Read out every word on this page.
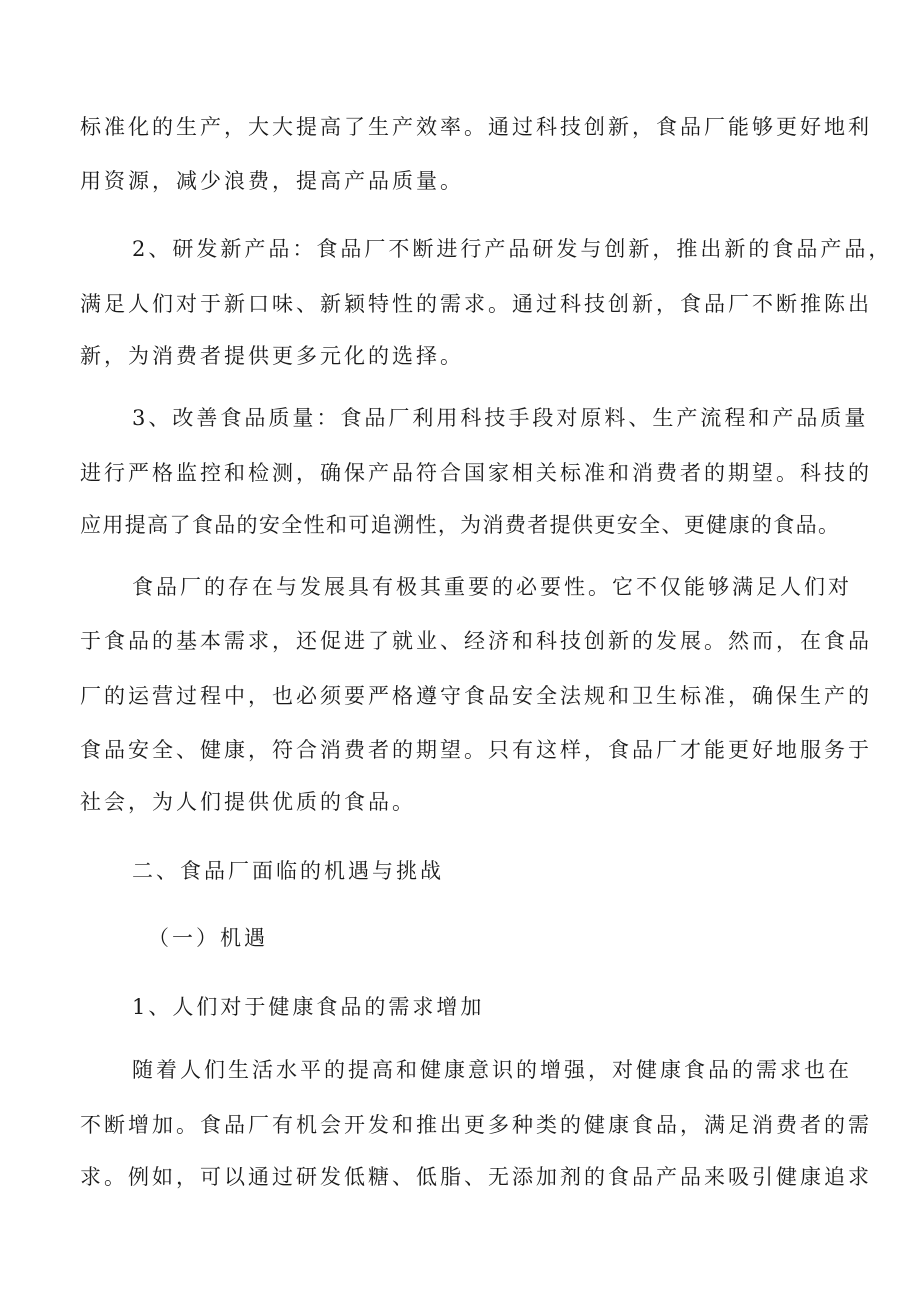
标准化的生产，大大提高了生产效率。通过科技创新，食品厂能够更好地利
用资源，减少浪费，提高产品质量。
2、研发新产品：食品厂不断进行产品研发与创新，推出新的食品产品，
满足人们对于新口味、新颖特性的需求。通过科技创新，食品厂不断推陈出
新，为消费者提供更多元化的选择。
3、改善食品质量：食品厂利用科技手段对原料、生产流程和产品质量
进行严格监控和检测，确保产品符合国家相关标准和消费者的期望。科技的
应用提高了食品的安全性和可追溯性，为消费者提供更安全、更健康的食品。
食品厂的存在与发展具有极其重要的必要性。它不仅能够满足人们对
于食品的基本需求，还促进了就业、经济和科技创新的发展。然而，在食品
厂的运营过程中，也必须要严格遵守食品安全法规和卫生标准，确保生产的
食品安全、健康，符合消费者的期望。只有这样，食品厂才能更好地服务于
社会，为人们提供优质的食品。
二、食品厂面临的机遇与挑战
（一）机遇
1、人们对于健康食品的需求增加
随着人们生活水平的提高和健康意识的增强，对健康食品的需求也在
不断增加。食品厂有机会开发和推出更多种类的健康食品，满足消费者的需
求。例如，可以通过研发低糖、低脂、无添加剂的食品产品来吸引健康追求
